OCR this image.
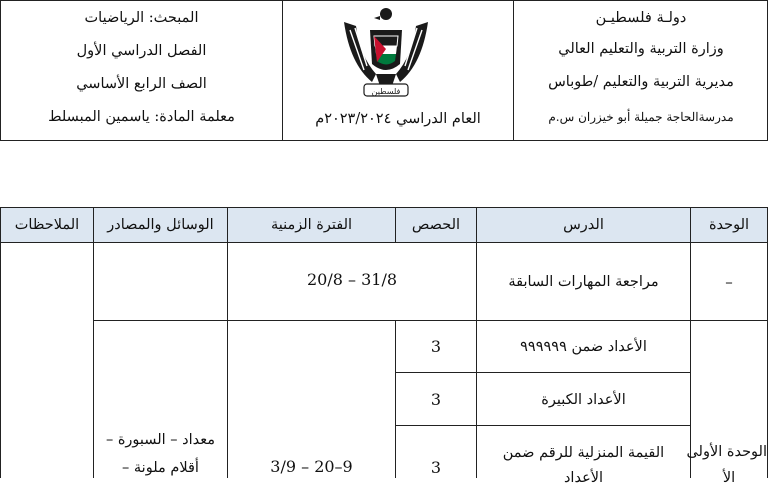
دولـة فلسطيـن
وزارة التربية والتعليم العالي
مديرية التربية والتعليم /طوباس
مدرسةالحاجة جميلة أبو خيزران س.م
فلسطين
العام الدراسي ٢٠٢٣/٢٠٢٤م
المبحث: الرياضيات
الفصل الدراسي الأول
الصف الرابع الأساسي
معلمة المادة: ياسمين المبسلط
الوحدة
الدرس
الحصص
الفترة الزمنية
الوسائل والمصادر
الملاحظات
–
مراجعة المهارات السابقة
20/8 – 31/8
الوحدة الأولى
الأ
الأعداد ضمن ٩٩٩٩٩٩
3
الأعداد الكبيرة
3
القيمة المنزلية للرقم ضمن
الأعداد
3
3/9 – 20–9
معداد – السبورة –
أقلام ملونة –
